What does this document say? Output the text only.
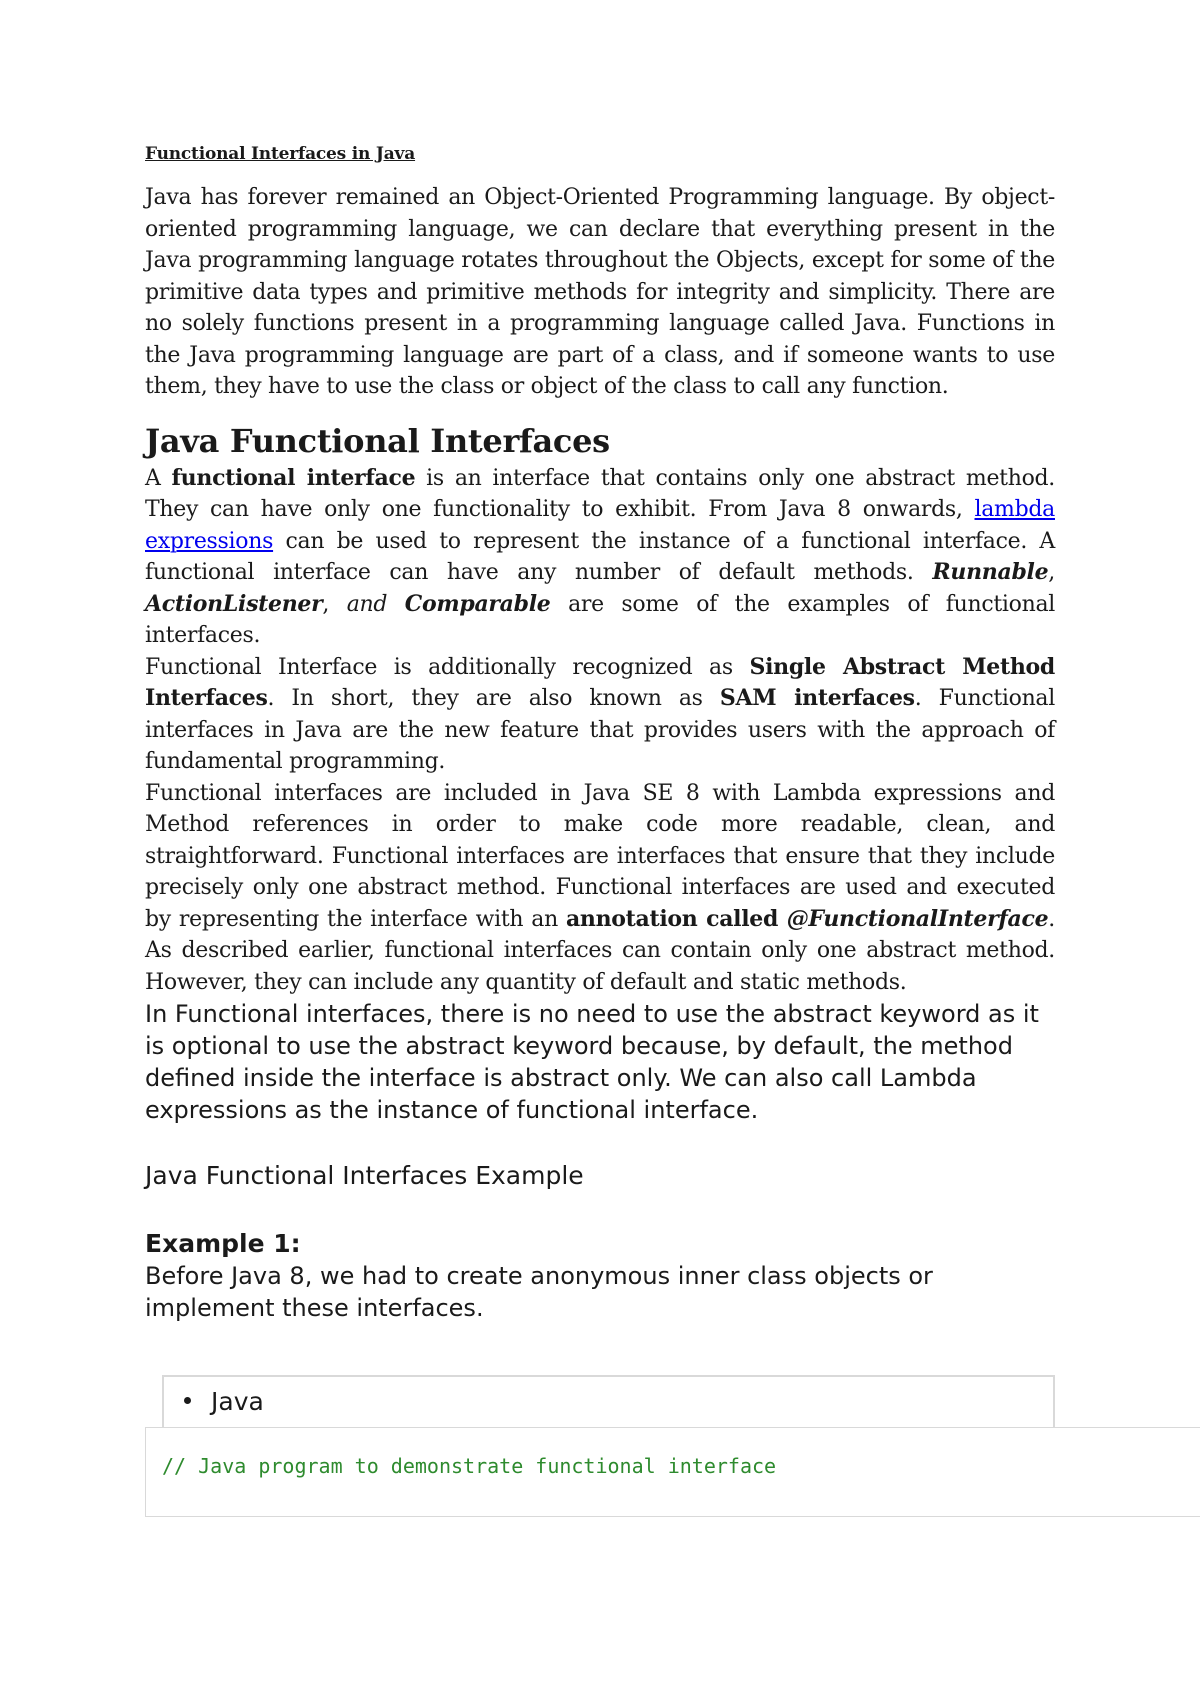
Functional Interfaces in Java

Java has forever remained an Object-Oriented Programming language. By object-oriented programming language, we can declare that everything present in the Java programming language rotates throughout the Objects, except for some of the primitive data types and primitive methods for integrity and simplicity. There are no solely functions present in a programming language called Java. Functions in the Java programming language are part of a class, and if someone wants to use them, they have to use the class or object of the class to call any function.

Java Functional Interfaces

A functional interface is an interface that contains only one abstract method. They can have only one functionality to exhibit. From Java 8 onwards, lambda expressions can be used to represent the instance of a functional interface. A functional interface can have any number of default methods. Runnable, ActionListener, and Comparable are some of the examples of functional interfaces.

Functional Interface is additionally recognized as Single Abstract Method Interfaces. In short, they are also known as SAM interfaces. Functional interfaces in Java are the new feature that provides users with the approach of fundamental programming.

Functional interfaces are included in Java SE 8 with Lambda expressions and Method references in order to make code more readable, clean, and straightforward. Functional interfaces are interfaces that ensure that they include precisely only one abstract method. Functional interfaces are used and executed by representing the interface with an annotation called @FunctionalInterface. As described earlier, functional interfaces can contain only one abstract method. However, they can include any quantity of default and static methods.

In Functional interfaces, there is no need to use the abstract keyword as it is optional to use the abstract keyword because, by default, the method defined inside the interface is abstract only. We can also call Lambda expressions as the instance of functional interface.

Java Functional Interfaces Example
Example 1:

Before Java 8, we had to create anonymous inner class objects or implement these interfaces.

Java
// Java program to demonstrate functional interface
